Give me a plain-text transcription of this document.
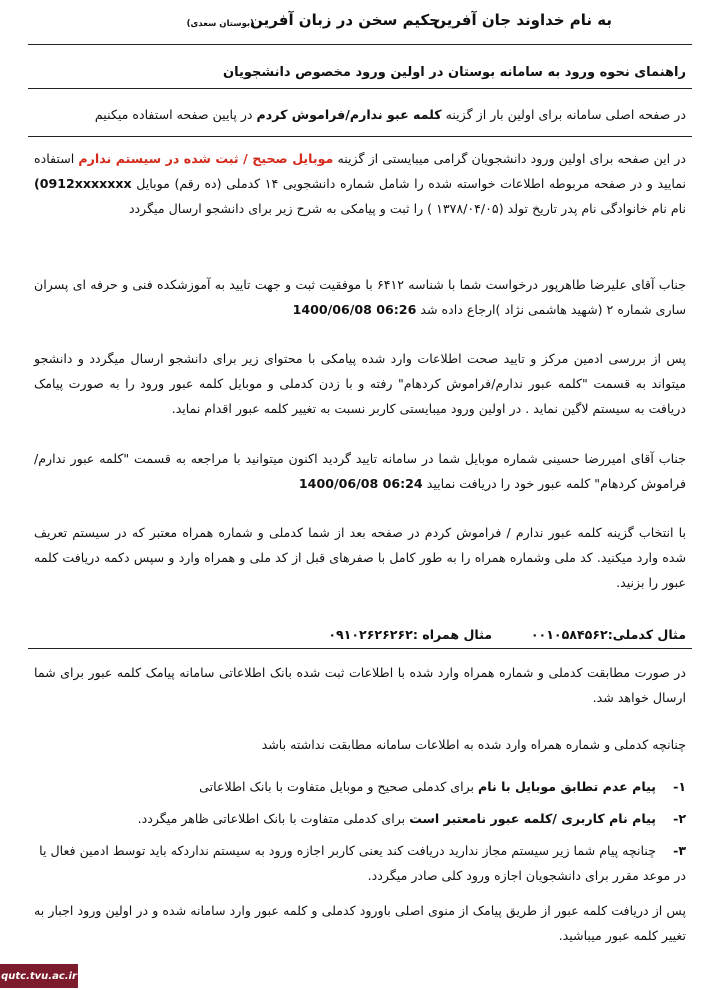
به نام خداوند جان آفرین
حکیم سخن در زبان آفرین
(بوستان سعدی)
راهنمای نحوه ورود به سامانه بوستان در اولین ورود مخصوص دانشجویان
در صفحه اصلی سامانه برای اولین بار از گزینه کلمه عبو ندارم/فراموش کردم در پایین صفحه استفاده میکنیم
در این صفحه برای اولین ورود دانشجویان گرامی میبایستی از گزینه موبایل صحیح / ثبت شده در سیستم ندارم استفاده نمایید و در صفحه مربوطه اطلاعات خواسته شده را شامل شماره دانشجویی ۱۴ کدملی (ده رقم) موبایل (0912xxxxxxx نام نام خانوادگی نام پدر تاریخ تولد (۱۳۷۸/۰۴/۰۵ ) را ثبت و پیامکی به شرح زیر برای دانشجو ارسال میگردد
جناب آقای علیرضا طاهرپور درخواست شما با شناسه ۶۴۱۲ با موفقیت ثبت و جهت تایید به آموزشکده فنی و حرفه ای پسران ساری شماره ۲ (شهید هاشمی نژاد )ارجاع داده شد 1400/06/08 06:26
پس از بررسی ادمین مرکز و تایید صحت اطلاعات وارد شده پیامکی با محتوای زیر برای دانشجو ارسال میگردد و دانشجو میتواند به قسمت "کلمه عبور ندارم/فراموش کردهام" رفته و با زدن کدملی و موبایل کلمه عبور ورود را به صورت پیامک دریافت به سیستم لاگین نماید . در اولین ورود میبایستی کاربر نسبت به تغییر کلمه عبور اقدام نماید.
جناب آقای امیررضا حسینی شماره موبایل شما در سامانه تایید گردید اکنون میتوانید با مراجعه به قسمت "کلمه عبور ندارم/فراموش کردهام" کلمه عبور خود را دریافت نمایید 1400/06/08 06:24
با انتخاب گزینه کلمه عبور ندارم / فراموش کردم در صفحه بعد از شما کدملی و شماره همراه معتبر که در سیستم تعریف شده وارد میکنید. کد ملی وشماره همراه را به طور کامل با صفرهای قبل از کد ملی و همراه وارد و سپس دکمه دریافت کلمه عبور را بزنید.
مثال کدملی:۰۰۱۰۵۸۴۵۶۲  مثال همراه :۰۹۱۰۲۶۲۶۲۶۲
در صورت مطابقت کدملی و شماره همراه وارد شده با اطلاعات ثبت شده بانک اطلاعاتی سامانه پیامک کلمه عبور برای شما ارسال خواهد شد.
چنانچه کدملی و شماره همراه وارد شده به اطلاعات سامانه مطابقت نداشته باشد
۱- پیام عدم تطابق موبایل با نام برای کدملی صحیح و موبایل متفاوت با بانک اطلاعاتی
۲- پیام نام کاربری /کلمه عبور نامعتبر است برای کدملی متفاوت با بانک اطلاعاتی ظاهر میگردد.
۳- چنانچه پیام شما زیر سیستم مجاز ندارید دریافت کند یعنی کاربر اجازه ورود به سیستم نداردکه باید توسط ادمین فعال یا در موعد مقرر برای دانشجویان اجازه ورود کلی صادر میگردد.
پس از دریافت کلمه عبور از طریق پیامک از منوی اصلی باورود کدملی و کلمه عبور وارد سامانه شده و در اولین ورود اجبار به تغییر کلمه عبور میباشید.
qutc.tvu.ac.ir
